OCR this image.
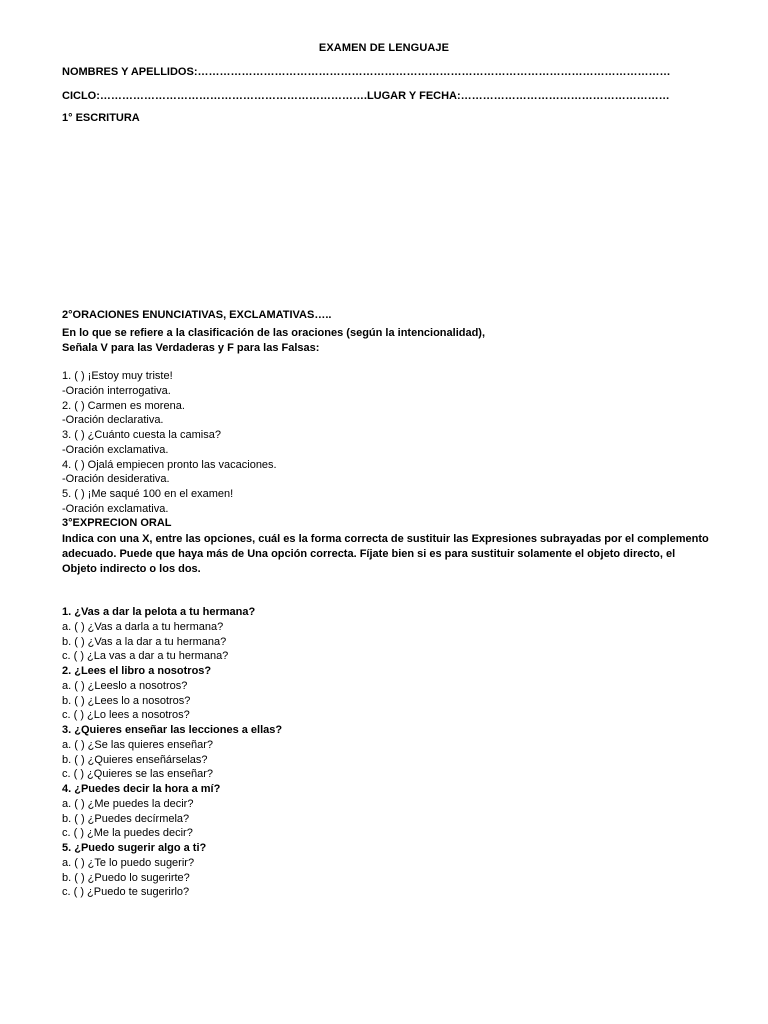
EXAMEN DE LENGUAJE
NOMBRES Y APELLIDOS:…………………………………………………………………………………………………………………
CICLO:……………………………………………………………….LUGAR Y FECHA:…………………………………………………
1° ESCRITURA
2°ORACIONES ENUNCIATIVAS, EXCLAMATIVAS…..
En lo que se refiere a la clasificación de las oraciones (según la intencionalidad),
Señala V para las Verdaderas y F para las Falsas:
1. ( ) ¡Estoy muy triste!
-Oración interrogativa.
2. ( ) Carmen es morena.
-Oración declarativa.
3. ( ) ¿Cuánto cuesta la camisa?
-Oración exclamativa.
4. ( ) Ojalá empiecen pronto las vacaciones.
-Oración desiderativa.
5. ( ) ¡Me saqué 100 en el examen!
-Oración exclamativa.
3°EXPRECION ORAL
Indica con una X, entre las opciones, cuál es la forma correcta de sustituir las Expresiones subrayadas por el complemento adecuado. Puede que haya más de Una opción correcta. Fíjate bien si es para sustituir solamente el objeto directo, el
Objeto indirecto o los dos.
1. ¿Vas a dar la pelota a tu hermana?
a. ( ) ¿Vas a darla a tu hermana?
b. ( ) ¿Vas a la dar a tu hermana?
c. ( ) ¿La vas a dar a tu hermana?
2. ¿Lees el libro a nosotros?
a. ( ) ¿Leeslo a nosotros?
b. ( ) ¿Lees lo a nosotros?
c. ( ) ¿Lo lees a nosotros?
3. ¿Quieres enseñar las lecciones a ellas?
a. ( ) ¿Se las quieres enseñar?
b. ( ) ¿Quieres enseñárselas?
c. ( ) ¿Quieres se las enseñar?
4. ¿Puedes decir la hora a mí?
a. ( ) ¿Me puedes la decir?
b. ( ) ¿Puedes decírmela?
c. ( ) ¿Me la puedes decir?
5. ¿Puedo sugerir algo a ti?
a. ( ) ¿Te lo puedo sugerir?
b. ( ) ¿Puedo lo sugerirte?
c. ( ) ¿Puedo te sugerirlo?
